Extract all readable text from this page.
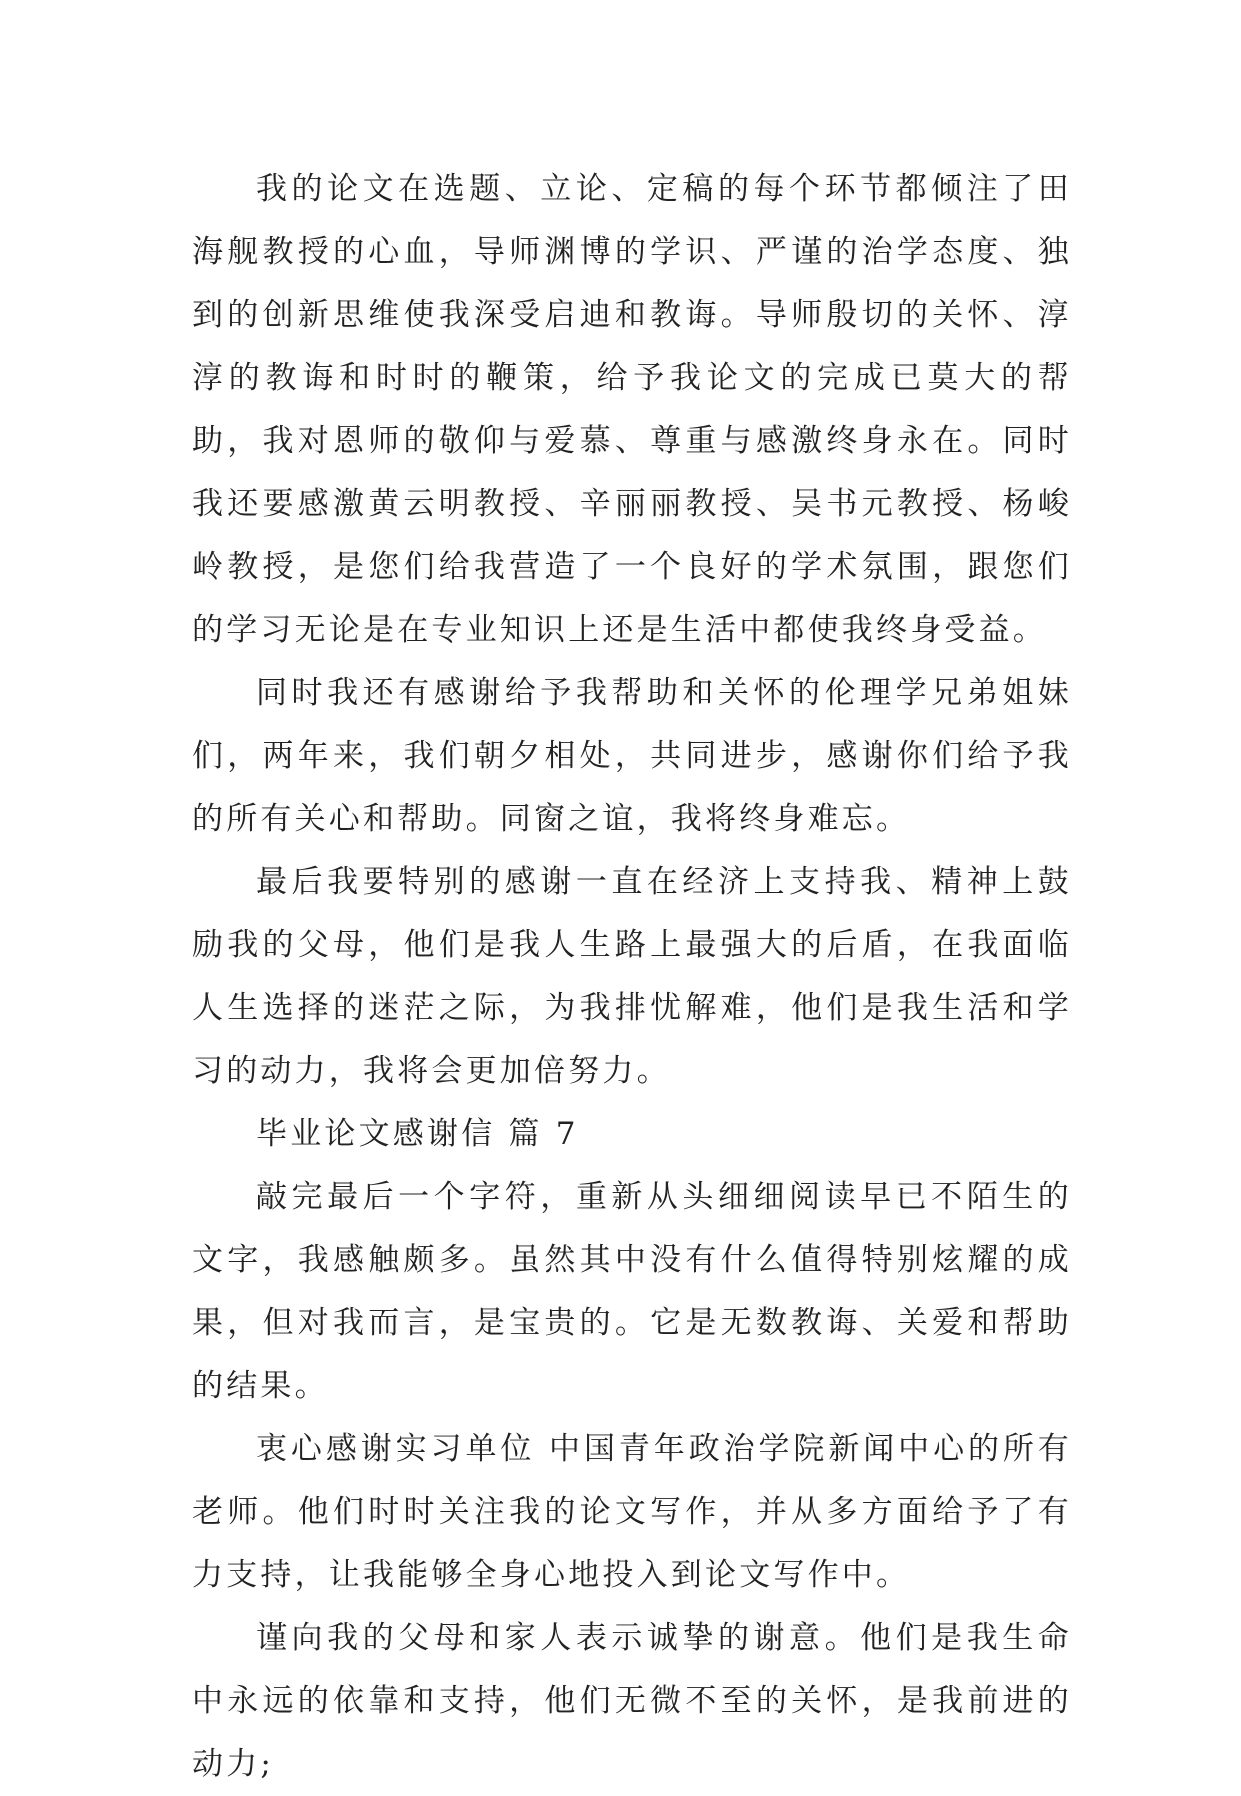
我的论文在选题、立论、定稿的每个环节都倾注了田海舰教授的心血，导师渊博的学识、严谨的治学态度、独到的创新思维使我深受启迪和教诲。导师殷切的关怀、淳淳的教诲和时时的鞭策，给予我论文的完成已莫大的帮助，我对恩师的敬仰与爱慕、尊重与感激终身永在。同时我还要感激黄云明教授、辛丽丽教授、吴书元教授、杨峻岭教授，是您们给我营造了一个良好的学术氛围，跟您们的学习无论是在专业知识上还是生活中都使我终身受益。

同时我还有感谢给予我帮助和关怀的伦理学兄弟姐妹们，两年来，我们朝夕相处，共同进步，感谢你们给予我的所有关心和帮助。同窗之谊，我将终身难忘。

最后我要特别的感谢一直在经济上支持我、精神上鼓励我的父母，他们是我人生路上最强大的后盾，在我面临人生选择的迷茫之际，为我排忧解难，他们是我生活和学习的动力，我将会更加倍努力。

毕业论文感谢信 篇 7

敲完最后一个字符，重新从头细细阅读早已不陌生的文字，我感触颇多。虽然其中没有什么值得特别炫耀的成果，但对我而言，是宝贵的。它是无数教诲、关爱和帮助的结果。

衷心感谢实习单位 中国青年政治学院新闻中心的所有老师。他们时时关注我的论文写作，并从多方面给予了有力支持，让我能够全身心地投入到论文写作中。

谨向我的父母和家人表示诚挚的谢意。他们是我生命中永远的依靠和支持，他们无微不至的关怀，是我前进的动力;
